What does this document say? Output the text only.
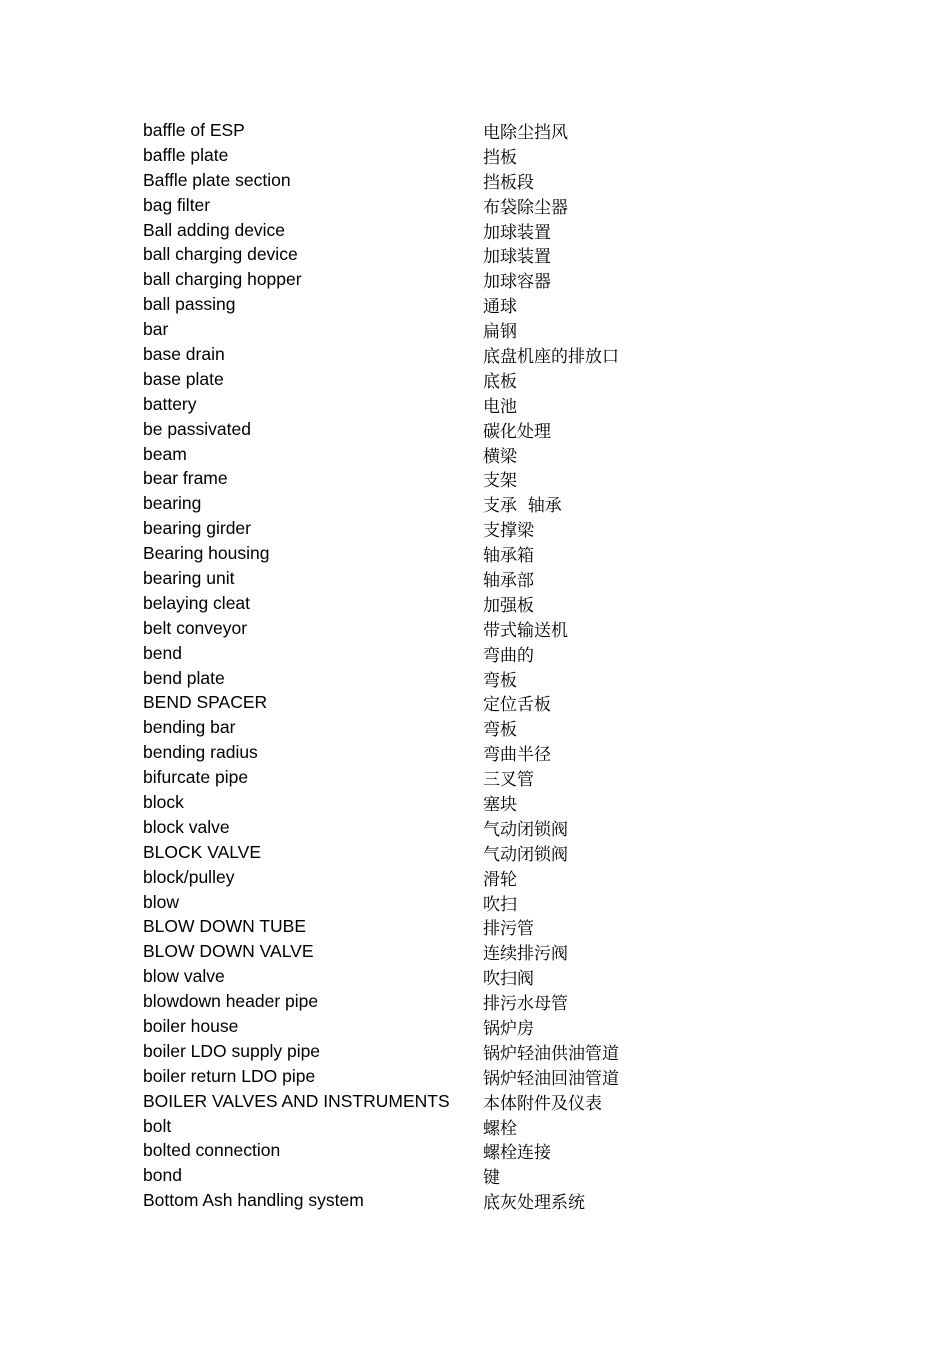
baffle of ESP	电除尘挡风
baffle plate	挡板
Baffle plate section	挡板段
bag filter	布袋除尘器
Ball adding device	加球装置
ball charging device	加球装置
ball charging hopper	加球容器
ball passing	通球
bar	扁钢
base drain	底盘机座的排放口
base plate	底板
battery	电池
be passivated	碳化处理
beam	横梁
bear frame	支架
bearing	支承  轴承
bearing girder	支撑梁
Bearing housing	轴承箱
bearing unit	轴承部
belaying cleat	加强板
belt conveyor	带式输送机
bend	弯曲的
bend plate	弯板
BEND SPACER	定位舌板
bending bar	弯板
bending radius	弯曲半径
bifurcate pipe	三叉管
block	塞块
block valve	气动闭锁阀
BLOCK VALVE	气动闭锁阀
block/pulley	滑轮
blow	吹扫
BLOW DOWN TUBE	排污管
BLOW DOWN VALVE	连续排污阀
blow valve	吹扫阀
blowdown header pipe	排污水母管
boiler house	锅炉房
boiler LDO supply pipe	锅炉轻油供油管道
boiler return LDO pipe	锅炉轻油回油管道
BOILER VALVES AND INSTRUMENTS	本体附件及仪表
bolt	螺栓
bolted connection	螺栓连接
bond	键
Bottom Ash handling system	底灰处理系统
